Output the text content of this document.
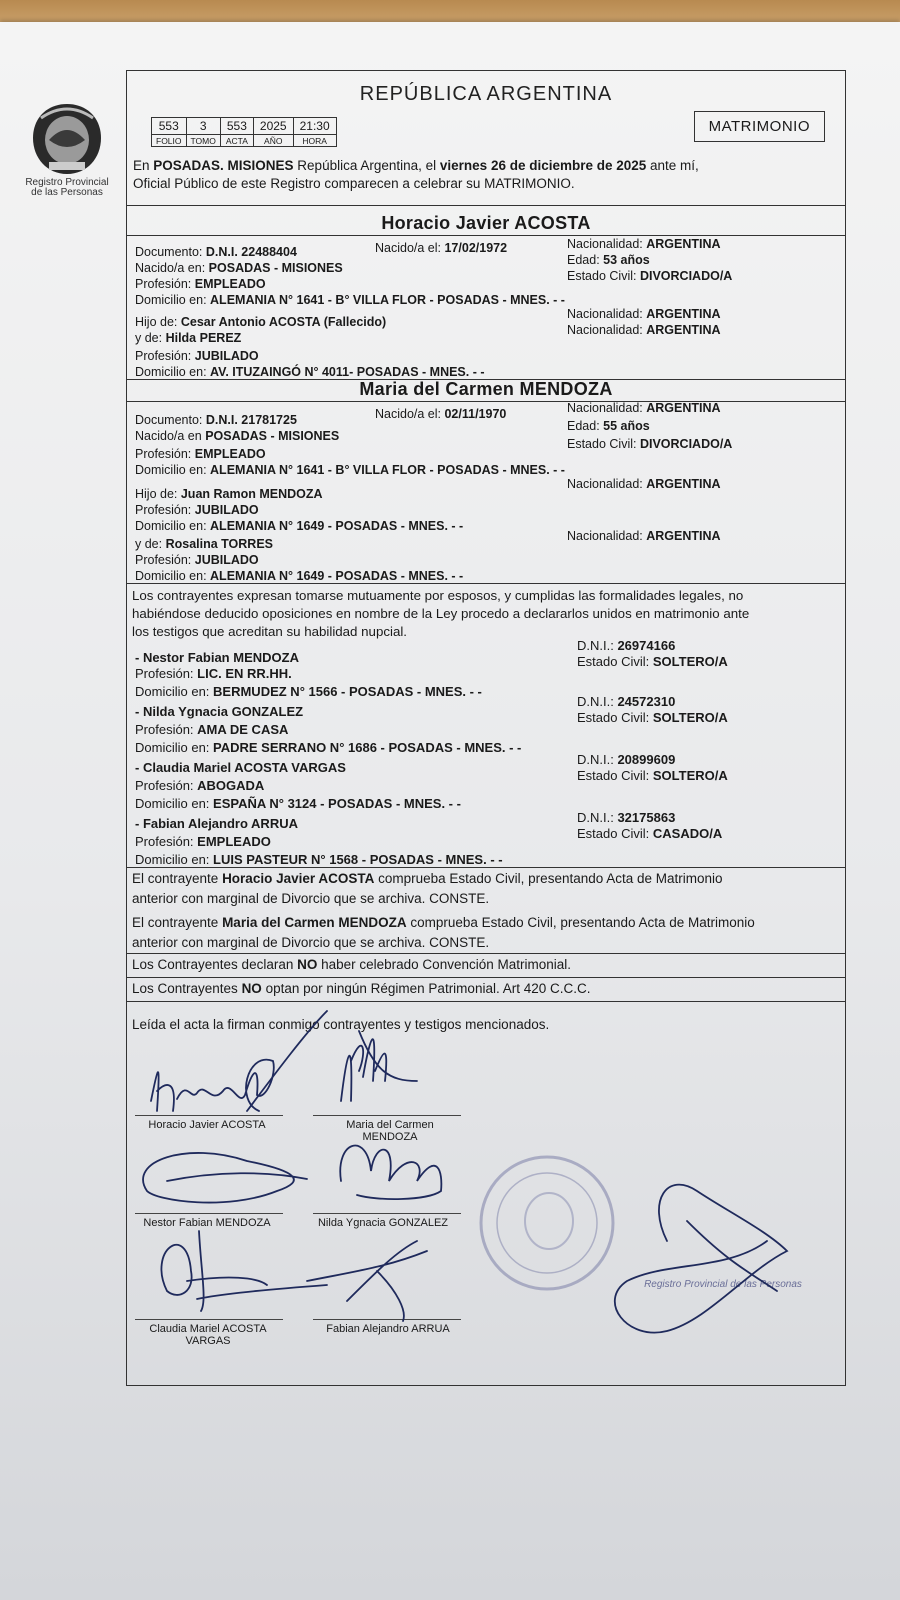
Registro Provincial
de las Personas
REPÚBLICA ARGENTINA
553	3	553	2025	21:30
FOLIO	TOMO	ACTA	AÑO	HORA
MATRIMONIO
En POSADAS. MISIONES República Argentina, el viernes 26 de diciembre de 2025 ante mí,
Oficial Público de este Registro comparecen a celebrar su MATRIMONIO.
Horacio Javier ACOSTA
Documento: D.N.I. 22488404	Nacido/a el: 17/02/1972	Nacionalidad: ARGENTINA
Edad: 53 años
Nacido/a en: POSADAS - MISIONES
Estado Civil: DIVORCIADO/A
Profesión: EMPLEADO
Domicilio en: ALEMANIA N° 1641 - B° VILLA FLOR - POSADAS - MNES. - -
Hijo de: Cesar Antonio ACOSTA (Fallecido)
Nacionalidad: ARGENTINA
y de: Hilda PEREZ
Nacionalidad: ARGENTINA
Profesión: JUBILADO
Domicilio en: AV. ITUZAINGÓ N° 4011- POSADAS - MNES. - -
Maria del Carmen MENDOZA
Documento: D.N.I. 21781725	Nacido/a el: 02/11/1970	Nacionalidad: ARGENTINA
Edad: 55 años
Nacido/a en POSADAS - MISIONES
Estado Civil: DIVORCIADO/A
Profesión: EMPLEADO
Domicilio en: ALEMANIA N° 1641 - B° VILLA FLOR - POSADAS - MNES. - -
Hijo de: Juan Ramon MENDOZA
Nacionalidad: ARGENTINA
Profesión: JUBILADO
Domicilio en: ALEMANIA N° 1649 - POSADAS - MNES. - -
y de: Rosalina TORRES
Nacionalidad: ARGENTINA
Profesión: JUBILADO
Domicilio en: ALEMANIA N° 1649 - POSADAS - MNES. - -
Los contrayentes expresan tomarse mutuamente por esposos, y cumplidas las formalidades legales, no
habiéndose deducido oposiciones en nombre de la Ley procedo a declararlos unidos en matrimonio ante
los testigos que acreditan su habilidad nupcial.
- Nestor Fabian MENDOZA
Profesión: LIC. EN RR.HH.
Domicilio en: BERMUDEZ N° 1566 - POSADAS - MNES. - -
D.N.I.: 26974166
Estado Civil: SOLTERO/A
- Nilda Ygnacia GONZALEZ
Profesión: AMA DE CASA
Domicilio en: PADRE SERRANO N° 1686 - POSADAS - MNES. - -
D.N.I.: 24572310
Estado Civil: SOLTERO/A
- Claudia Mariel ACOSTA VARGAS
Profesión: ABOGADA
Domicilio en: ESPAÑA N° 3124 - POSADAS - MNES. - -
D.N.I.: 20899609
Estado Civil: SOLTERO/A
- Fabian Alejandro ARRUA
Profesión: EMPLEADO
Domicilio en: LUIS PASTEUR N° 1568 - POSADAS - MNES. - -
D.N.I.: 32175863
Estado Civil: CASADO/A
El contrayente Horacio Javier ACOSTA comprueba Estado Civil, presentando Acta de Matrimonio
anterior con marginal de Divorcio que se archiva. CONSTE.
El contrayente Maria del Carmen MENDOZA comprueba Estado Civil, presentando Acta de Matrimonio
anterior con marginal de Divorcio que se archiva. CONSTE.
Los Contrayentes declaran NO haber celebrado Convención Matrimonial.
Los Contrayentes NO optan por ningún Régimen Patrimonial. Art 420 C.C.C.
Leída el acta la firman conmigo contrayentes y testigos mencionados.
Horacio Javier ACOSTA	Maria del Carmen MENDOZA
Nestor Fabian MENDOZA	Nilda Ygnacia GONZALEZ
Claudia Mariel ACOSTA VARGAS
Fabian Alejandro ARRUA
Registro Provincial de las Personas
